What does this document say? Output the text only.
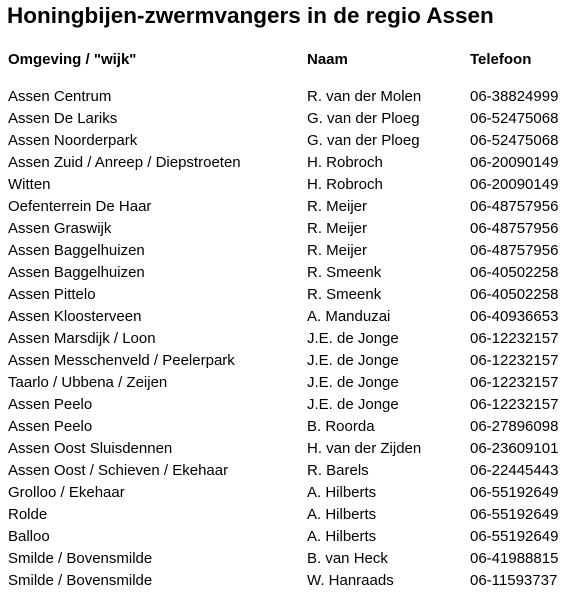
Honingbijen-zwermvangers in de regio Assen
Omgeving / "wijk"	Naam	Telefoon

Assen Centrum	R. van der Molen	06-38824999
Assen De Lariks	G. van der Ploeg	06-52475068
Assen Noorderpark	G. van der Ploeg	06-52475068
Assen Zuid / Anreep / Diepstroeten	H. Robroch	06-20090149
Witten	H. Robroch	06-20090149
Oefenterrein De Haar	R. Meijer	06-48757956
Assen Graswijk	R. Meijer	06-48757956
Assen Baggelhuizen	R. Meijer	06-48757956
Assen Baggelhuizen	R. Smeenk	06-40502258
Assen Pittelo	R. Smeenk	06-40502258
Assen Kloosterveen	A. Manduzai	06-40936653
Assen Marsdijk / Loon	J.E. de Jonge	06-12232157
Assen Messchenveld / Peelerpark	J.E. de Jonge	06-12232157
Taarlo / Ubbena / Zeijen	J.E. de Jonge	06-12232157
Assen Peelo	J.E. de Jonge	06-12232157
Assen Peelo	B. Roorda	06-27896098
Assen Oost Sluisdennen	H. van der Zijden	06-23609101
Assen Oost / Schieven / Ekehaar	R. Barels	06-22445443
Grolloo / Ekehaar	A. Hilberts	06-55192649
Rolde	A. Hilberts	06-55192649
Balloo	A. Hilberts	06-55192649
Smilde / Bovensmilde	B. van Heck	06-41988815
Smilde / Bovensmilde	W. Hanraads	06-11593737
